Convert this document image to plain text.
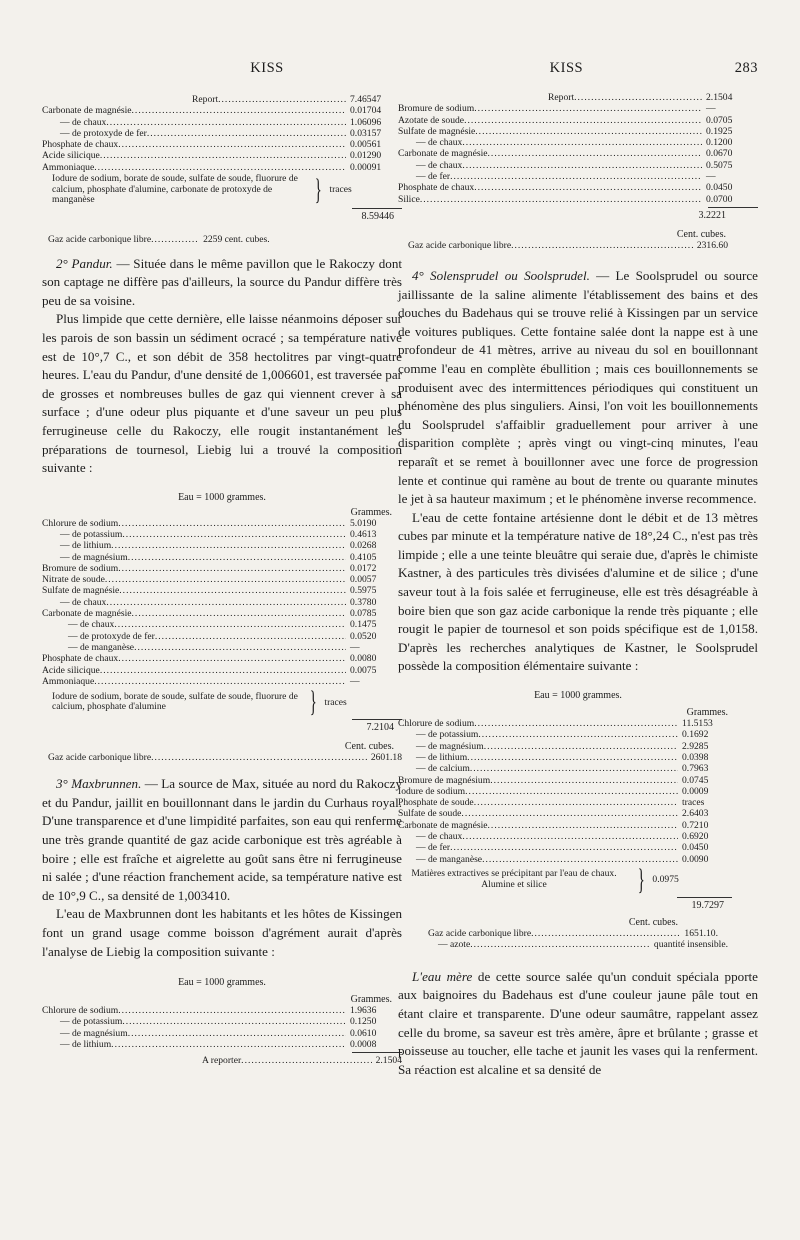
KISS
Report .....	7.46547
Carbonate de magnésie .....	0.01704
— de chaux .....	1.06096
— de protoxyde de fer .....	0.03157
Phosphate de chaux .....	0.00561
Acide silicique .....	0.01290
Ammoniaque .....	0.00091
Iodure de sodium, borate de soude, sulfate de soude, fluorure de calcium, phosphate d'alumine, carbonate de protoxyde de manganèse	} traces
8.59446
Gaz acide carbonique libre .....	2259 cent. cubes.

2° Pandur. — Située dans le même pavillon que le Rakoczy dont son captage ne diffère pas d'ailleurs, la source du Pandur diffère très peu de sa voisine.

Plus limpide que cette dernière, elle laisse néanmoins déposer sur les parois de son bassin un sédiment ocracé ; sa température native est de 10°,7 C., et son débit de 358 hectolitres par vingt-quatre heures. L'eau du Pandur, d'une densité de 1,006601, est traversée par de grosses et nombreuses bulles de gaz qui viennent crever à sa surface ; d'une odeur plus piquante et d'une saveur un peu plus ferrugineuse celle du Rakoczy, elle rougit instantanément les préparations de tournesol, Liebig lui a trouvé la composition suivante :

Eau = 1000 grammes.
Grammes.
Chlorure de sodium .....	5.0190
— de potassium .....	0.4613
— de lithium .....	0.0268
— de magnésium .....	0.4105
Bromure de sodium .....	0.0172
Nitrate de soude .....	0.0057
Sulfate de magnésie .....	0.5975
— de chaux .....	0.3780
Carbonate de magnésie .....	0.0785
— de chaux .....	0.1475
— de protoxyde de fer .....	0.0520
— de manganèse .....	—
Phosphate de chaux .....	0.0080
Acide silicique .....	0.0075
Ammoniaque .....	—
Iodure de sodium, borate de soude, sulfate de soude, fluorure de calcium, phosphate d'alumine	} traces
7.2104
Cent. cubes.
Gaz acide carbonique libre .....	2601.18

3° Maxbrunnen. — La source de Max, située au nord du Rakoczy et du Pandur, jaillit en bouillonnant dans le jardin du Curhaus royal. D'une transparence et d'une limpidité parfaites, son eau qui renferme une très grande quantité de gaz acide carbonique est très agréable à boire ; elle est fraîche et aigrelette au goût sans être ni ferrugineuse ni salée ; d'une réaction franchement acide, sa température native est de 10°,9 C., sa densité de 1,003410.

L'eau de Maxbrunnen dont les habitants et les hôtes de Kissingen font un grand usage comme boisson d'agrément aurait d'après l'analyse de Liebig la composition suivante :

Eau = 1000 grammes.
Grammes.
Chlorure de sodium .....	1.9636
— de potassium .....	0.1250
— de magnésium .....	0.0610
— de lithium .....	0.0008
A reporter .....	2.1504
KISS	283
Report .....	2.1504
Bromure de sodium .....	—
Azotate de soude .....	0.0705
Sulfate de magnésie .....	0.1925
— de chaux .....	0.1200
Carbonate de magnésie .....	0.0670
— de chaux .....	0.5075
— de fer .....	—
Phosphate de chaux .....	0.0450
Silice .....	0.0700
3.2221
Cent. cubes.
Gaz acide carbonique libre .....	2316.60

4° Solensprudel ou Soolsprudel. — Le Soolsprudel ou source jaillissante de la saline alimente l'établissement des bains et des douches du Badehaus qui se trouve relié à Kissingen par un service de voitures publiques. Cette fontaine salée dont la nappe est à une profondeur de 41 mètres, arrive au niveau du sol en bouillonnant comme l'eau en complète ébullition ; mais ces bouillonnements se produisent avec des intermittences périodiques qui constituent un phénomène des plus singuliers. Ainsi, l'on voit les bouillonnements du Soolsprudel s'affaiblir graduellement pour arriver à une disparition complète ; après vingt ou vingt-cinq minutes, l'eau reparaît et se remet à bouillonner avec une force de progression lente et continue qui ramène au bout de trente ou quarante minutes le jet à sa hauteur maximum ; et le phénomène inverse recommence.

L'eau de cette fontaine artésienne dont le débit et de 13 mètres cubes par minute et la température native de 18°,24 C., n'est pas très limpide ; elle a une teinte bleuâtre qui seraie due, d'après le chimiste Kastner, à des particules très divisées d'alumine et de silice ; d'une saveur tout à la fois salée et ferrugineuse, elle est très désagréable à boire bien que son gaz acide carbonique la rende très piquante ; elle rougit le papier de tournesol et son poids spécifique est de 1,0158. D'après les recherches analytiques de Kastner, le Soolsprudel possède la composition élémentaire suivante :

Eau = 1000 grammes.
Grammes.
Chlorure de sodium .....	11.5153
— de potassium .....	0.1692
— de magnésium .....	2.9285
— de lithium .....	0.0398
— de calcium .....	0.7963
Bromure de magnésium .....	0.0745
Iodure de sodium .....	0.0009
Phosphate de soude .....	traces
Sulfate de soude .....	2.6403
Carbonate de magnésie .....	0.7210
— de chaux .....	0.6920
— de fer .....	0.0450
— de manganèse .....	0.0090
Matières extractives se précipitant par l'eau de chaux. Alumine et silice	} 0.0975
19.7297
Cent. cubes.
Gaz acide carbonique libre .....	1651.10.
— azote .....	quantité insensible.

L'eau mère de cette source salée qu'un conduit spéciala pporte aux baignoires du Badehaus est d'une couleur jaune pâle tout en étant claire et transparente. D'une odeur saumâtre, rappelant assez celle du brome, sa saveur est très amère, âpre et brûlante ; grasse et poisseuse au toucher, elle tache et jaunit les vases qui la renferment. Sa réaction est alcaline et sa densité de
